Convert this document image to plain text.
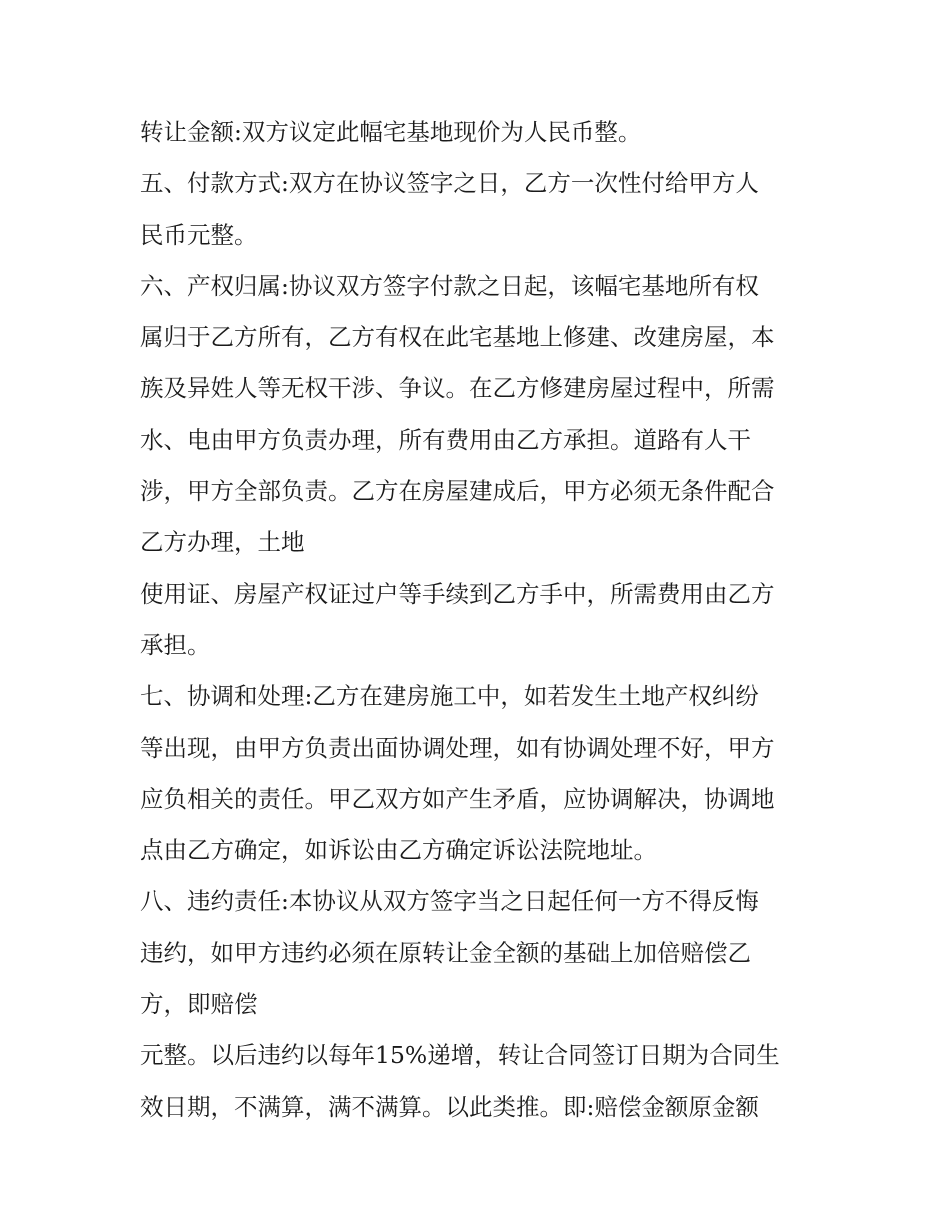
转让金额:双方议定此幅宅基地现价为人民币整。
五、付款方式:双方在协议签字之日，乙方一次性付给甲方人
民币元整。
六、产权归属:协议双方签字付款之日起，该幅宅基地所有权
属归于乙方所有，乙方有权在此宅基地上修建、改建房屋，本
族及异姓人等无权干涉、争议。在乙方修建房屋过程中，所需
水、电由甲方负责办理，所有费用由乙方承担。道路有人干
涉，甲方全部负责。乙方在房屋建成后，甲方必须无条件配合
乙方办理，土地
使用证、房屋产权证过户等手续到乙方手中，所需费用由乙方
承担。
七、协调和处理:乙方在建房施工中，如若发生土地产权纠纷
等出现，由甲方负责出面协调处理，如有协调处理不好，甲方
应负相关的责任。甲乙双方如产生矛盾，应协调解决，协调地
点由乙方确定，如诉讼由乙方确定诉讼法院地址。
八、违约责任:本协议从双方签字当之日起任何一方不得反悔
违约，如甲方违约必须在原转让金全额的基础上加倍赔偿乙
方，即赔偿
元整。以后违约以每年15%递增，转让合同签订日期为合同生
效日期，不满算，满不满算。以此类推。即:赔偿金额原金额
